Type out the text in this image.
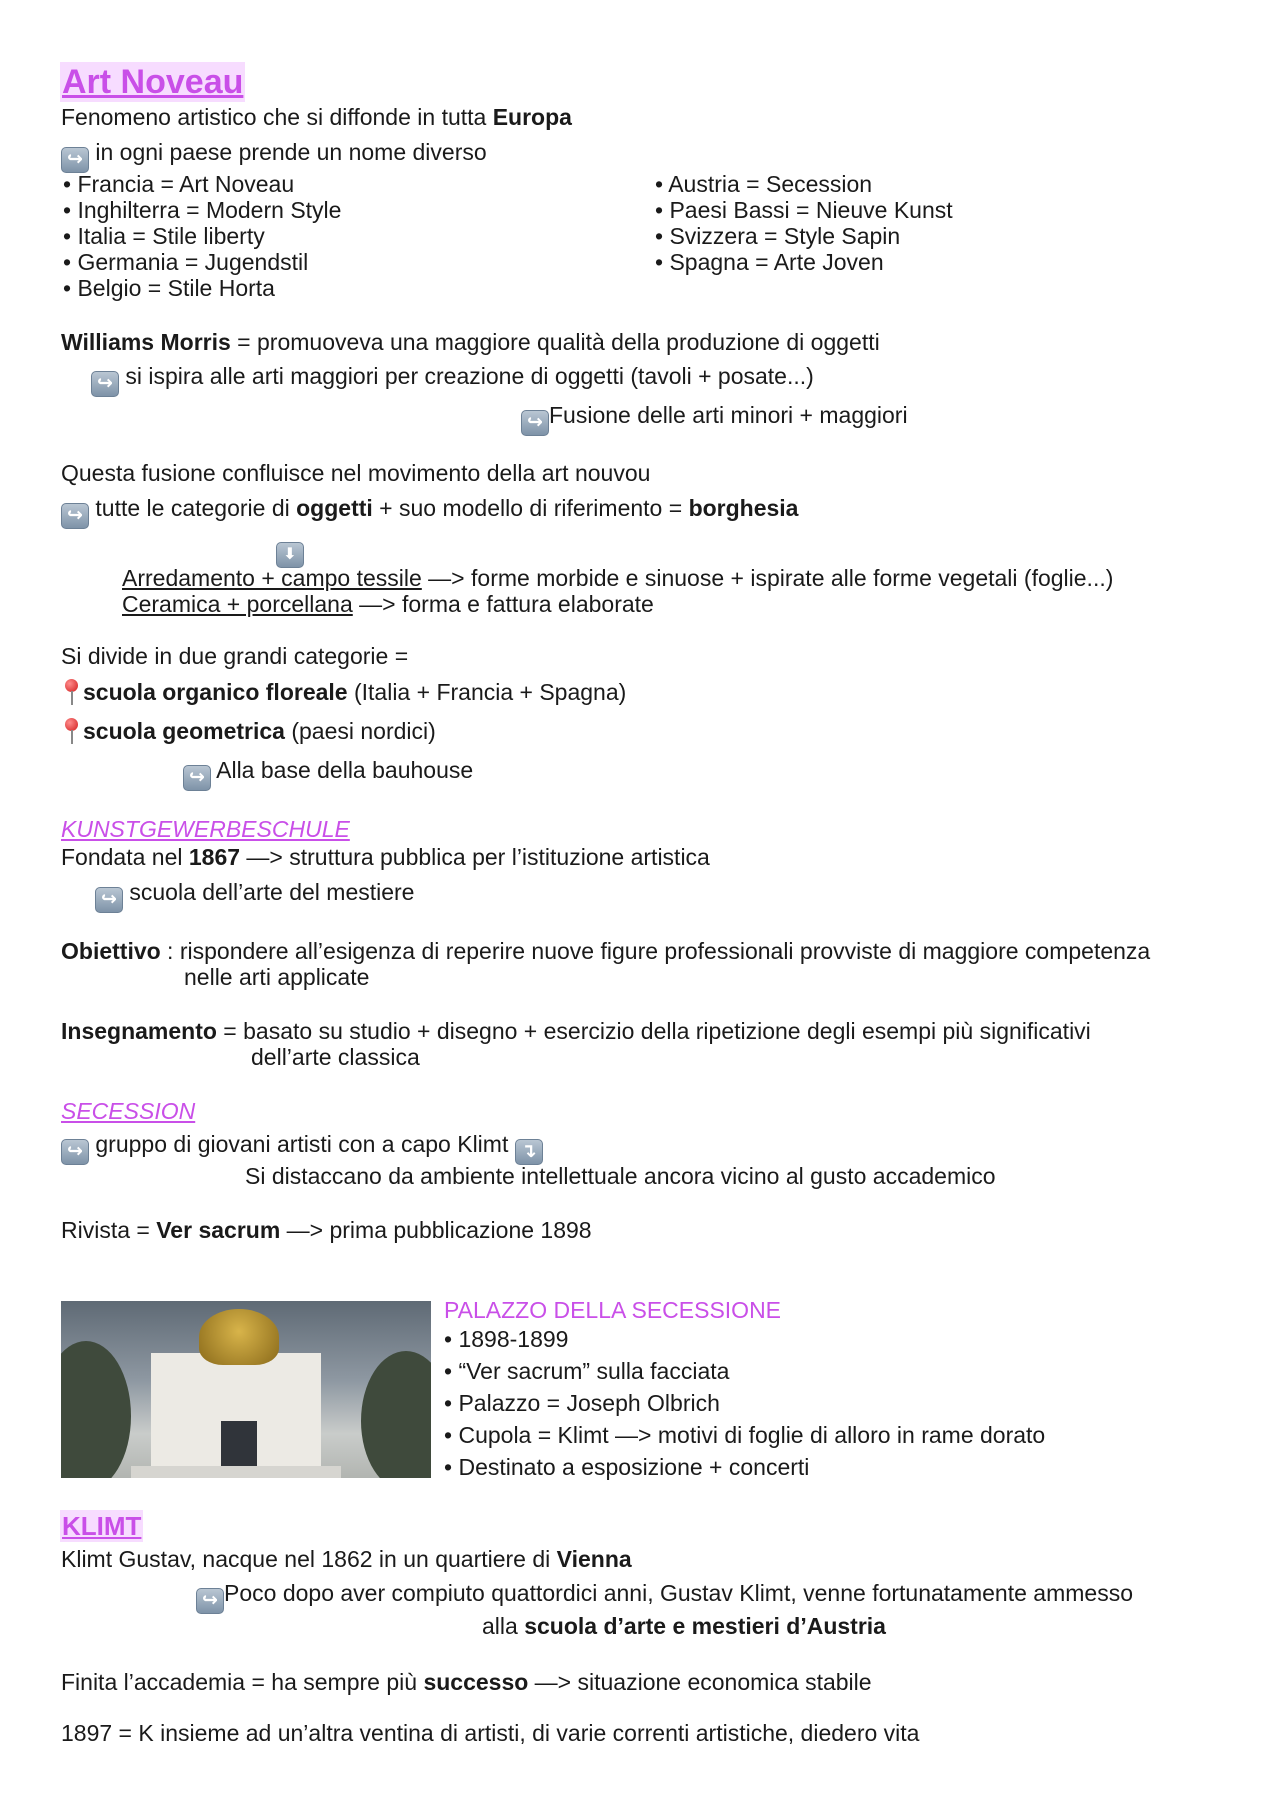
Art Noveau
Fenomeno artistico che si diffonde in tutta Europa
↪ in ogni paese prende un nome diverso
• Francia = Art Noveau
• Inghilterra = Modern Style
• Italia = Stile liberty
• Germania = Jugendstil
• Belgio = Stile Horta
• Austria = Secession
• Paesi Bassi = Nieuve Kunst
• Svizzera = Style Sapin
• Spagna = Arte Joven
Williams Morris = promuoveva una maggiore qualità della produzione di oggetti
↪ si ispira alle arti maggiori per creazione di oggetti (tavoli + posate...)
↪ Fusione delle arti minori + maggiori
Questa fusione confluisce nel movimento della art nouvou
↪ tutte le categorie di oggetti + suo modello di riferimento = borghesia
⬇
Arredamento + campo tessile —> forme morbide e sinuose + ispirate alle forme vegetali (foglie...)
Ceramica + porcellana —> forma e fattura elaborate
Si divide in due grandi categorie =
scuola organico floreale (Italia + Francia + Spagna)
scuola geometrica (paesi nordici)
↪ Alla base della bauhouse
KUNSTGEWERBESCHULE
Fondata nel 1867 —> struttura pubblica per l’istituzione artistica
↪ scuola dell’arte del mestiere
Obiettivo : rispondere all’esigenza di reperire nuove figure professionali provviste di maggiore competenza
nelle arti applicate
Insegnamento = basato su studio + disegno + esercizio della ripetizione degli esempi più significativi
dell’arte classica
SECESSION
↪ gruppo di giovani artisti con a capo Klimt ↴
Si distaccano da ambiente intellettuale ancora vicino al gusto accademico
Rivista = Ver sacrum —> prima pubblicazione 1898
PALAZZO DELLA SECESSIONE
• 1898-1899
• “Ver sacrum” sulla facciata
• Palazzo = Joseph Olbrich
• Cupola = Klimt —> motivi di foglie di alloro in rame dorato
• Destinato a esposizione + concerti
KLIMT
Klimt Gustav, nacque nel 1862 in un quartiere di Vienna
↪ Poco dopo aver compiuto quattordici anni, Gustav Klimt, venne fortunatamente ammesso
alla scuola d’arte e mestieri d’Austria
Finita l’accademia = ha sempre più successo —> situazione economica stabile
1897 = K insieme ad un’altra ventina di artisti, di varie correnti artistiche, diedero vita
